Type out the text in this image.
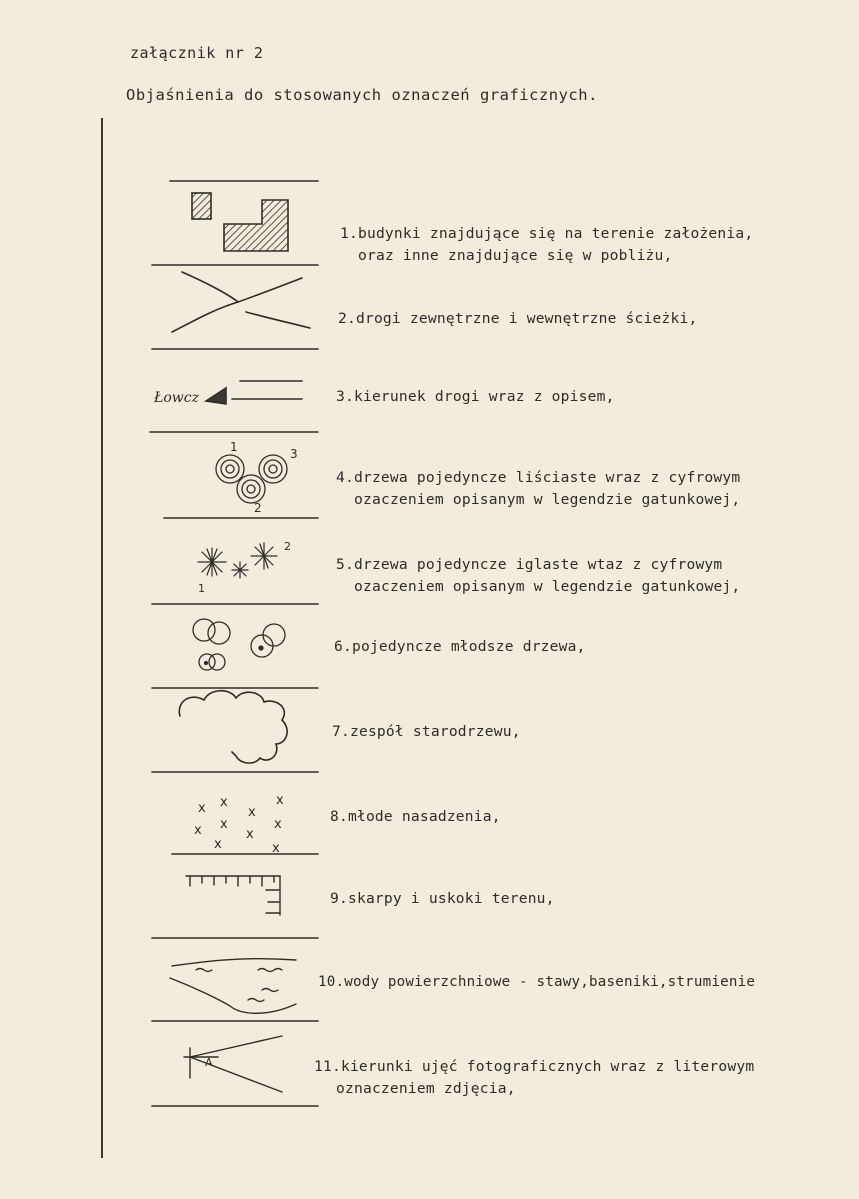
załącznik nr 2
Objaśnienia do stosowanych oznaczeń graficznych.
Łowcz
1
2
3
1
2
A
x x	x
x
x x	x
x
x	x
1.budynki znajdujące się na terenie założenia,
oraz inne znajdujące się w pobliżu,
2.drogi zewnętrzne i wewnętrzne ścieżki,
3.kierunek drogi wraz z opisem,
4.drzewa pojedyncze liściaste wraz z cyfrowym
ozaczeniem opisanym w legendzie gatunkowej,
5.drzewa pojedyncze iglaste wtaz z cyfrowym
ozaczeniem opisanym w legendzie gatunkowej,
6.pojedyncze młodsze drzewa,
7.zespół starodrzewu,
8.młode nasadzenia,
9.skarpy i uskoki terenu,
10.wody powierzchniowe - stawy,baseniki,strumienie
11.kierunki ujęć fotograficznych wraz z literowym
oznaczeniem zdjęcia,
